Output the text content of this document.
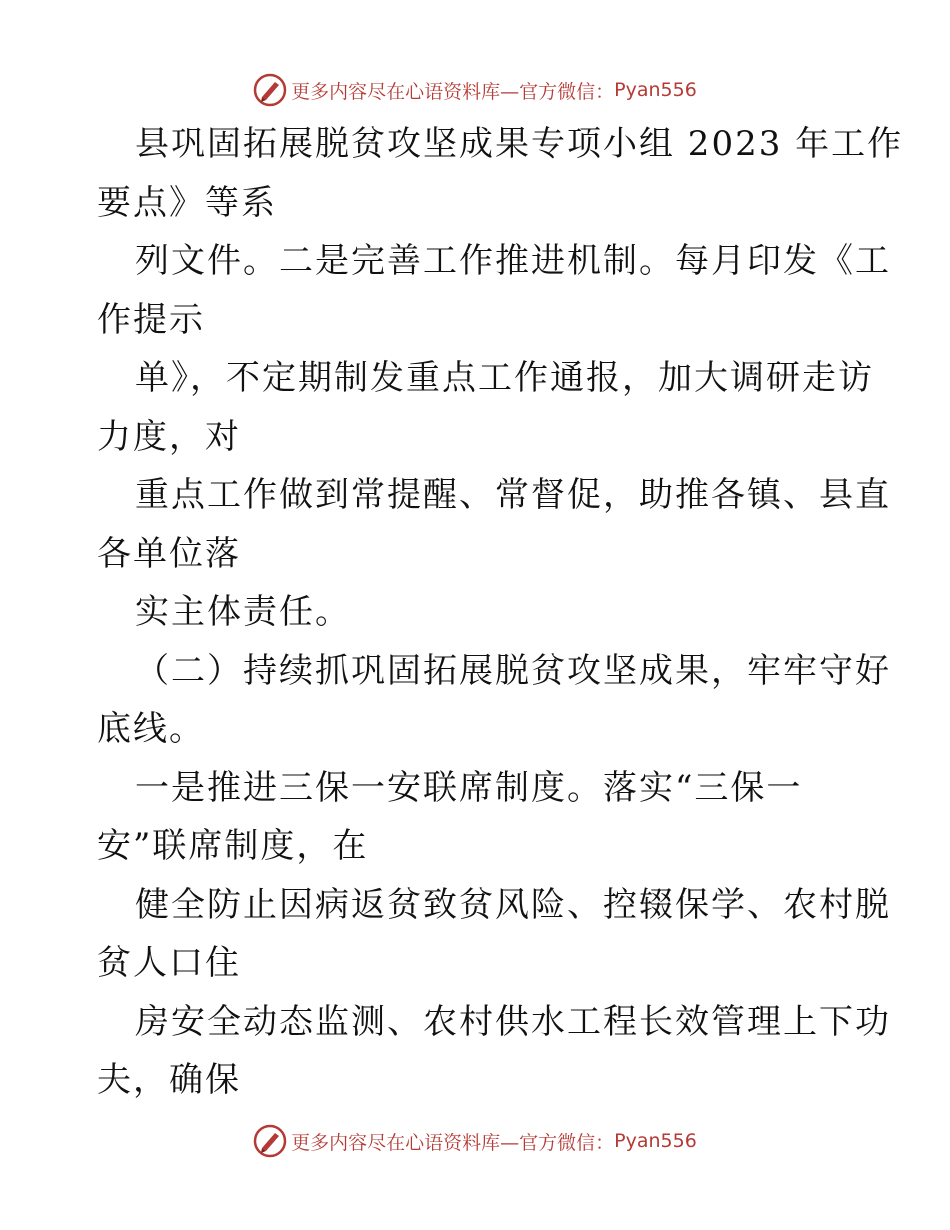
更多内容尽在心语资料库—官方微信： Pyan556
县巩固拓展脱贫攻坚成果专项小组 2023 年工作
要点》等系
列文件。二是完善工作推进机制。每月印发《工
作提示
单》，不定期制发重点工作通报，加大调研走访
力度，对
重点工作做到常提醒、常督促，助推各镇、县直
各单位落
实主体责任。
（二）持续抓巩固拓展脱贫攻坚成果，牢牢守好
底线。
一是推进三保一安联席制度。落实“三保一
安”联席制度，在
健全防止因病返贫致贫风险、控辍保学、农村脱
贫人口住
房安全动态监测、农村供水工程长效管理上下功
夫，确保
更多内容尽在心语资料库—官方微信： Pyan556
